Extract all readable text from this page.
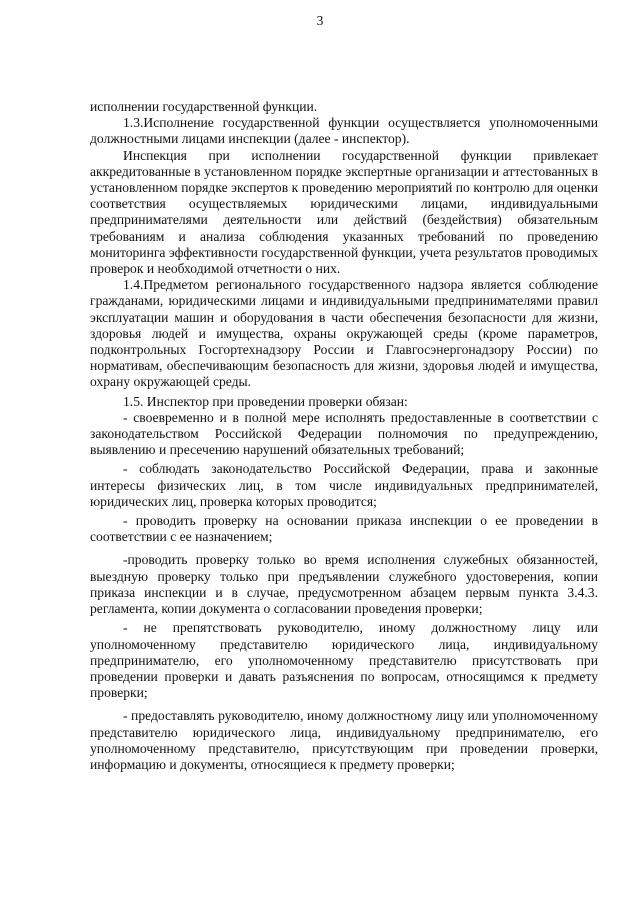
3

исполнении государственной функции.

1.3.Исполнение государственной функции осуществляется уполномоченными должностными лицами инспекции (далее - инспектор).

Инспекция при исполнении государственной функции привлекает аккредитованные в установленном порядке экспертные организации и аттестованных в установленном порядке экспертов к проведению мероприятий по контролю для оценки соответствия осуществляемых юридическими лицами, индивидуальными предпринимателями деятельности или действий (бездействия) обязательным требованиям и анализа соблюдения указанных требований по проведению мониторинга эффективности государственной функции, учета результатов проводимых проверок и необходимой отчетности о них.

1.4.Предметом регионального государственного надзора является соблюдение гражданами, юридическими лицами и индивидуальными предпринимателями правил эксплуатации машин и оборудования в части обеспечения безопасности для жизни, здоровья людей и имущества, охраны окружающей среды (кроме параметров, подконтрольных Госгортехнадзору России и Главгосэнергонадзору России) по нормативам, обеспечивающим безопасность для жизни, здоровья людей и имущества, охрану окружающей среды.

1.5. Инспектор при проведении проверки обязан:

- своевременно и в полной мере исполнять предоставленные в соответствии с законодательством Российской Федерации полномочия по предупреждению, выявлению и пресечению нарушений обязательных требований;

- соблюдать законодательство Российской Федерации, права и законные интересы физических лиц, в том числе индивидуальных предпринимателей, юридических лиц, проверка которых проводится;

- проводить проверку на основании приказа инспекции о ее проведении в соответствии с ее назначением;

-проводить проверку только во время исполнения служебных обязанностей, выездную проверку только при предъявлении служебного удостоверения, копии приказа инспекции и в случае, предусмотренном абзацем первым пункта 3.4.3. регламента, копии документа о согласовании проведения проверки;

- не препятствовать руководителю, иному должностному лицу или уполномоченному представителю юридического лица, индивидуальному предпринимателю, его уполномоченному представителю присутствовать при проведении проверки и давать разъяснения по вопросам, относящимся к предмету проверки;

- предоставлять руководителю, иному должностному лицу или уполномоченному представителю юридического лица, индивидуальному предпринимателю, его уполномоченному представителю, присутствующим при проведении проверки, информацию и документы, относящиеся к предмету проверки;
